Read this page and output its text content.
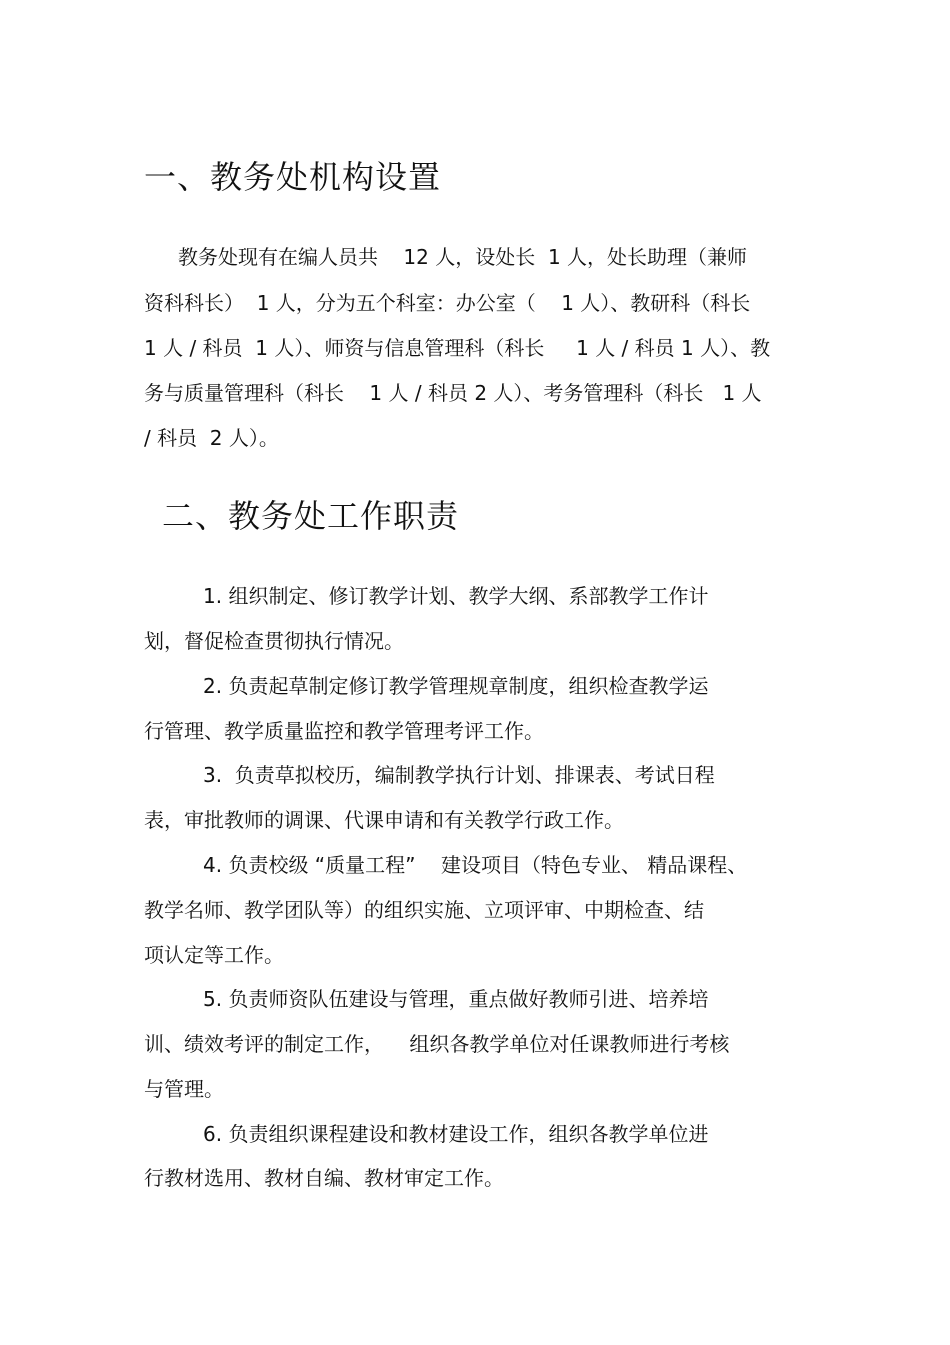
一、教务处机构设置
教务处现有在编人员共    12 人，设处长  1 人，处长助理（兼师
资科科长）  1 人，分为五个科室：办公室（    1 人）、教研科（科长
1 人 / 科员  1 人）、师资与信息管理科（科长     1 人 / 科员 1 人）、教
务与质量管理科（科长    1 人 / 科员 2 人）、考务管理科（科长   1 人
/ 科员  2 人）。
二、教务处工作职责
1. 组织制定、修订教学计划、教学大纲、系部教学工作计
划，督促检查贯彻执行情况。
2. 负责起草制定修订教学管理规章制度，组织检查教学运
行管理、教学质量监控和教学管理考评工作。
3.  负责草拟校历，编制教学执行计划、排课表、考试日程
表，审批教师的调课、代课申请和有关教学行政工作。
4. 负责校级 “质量工程”    建设项目（特色专业、 精品课程、
教学名师、教学团队等）的组织实施、立项评审、中期检查、结
项认定等工作。
5. 负责师资队伍建设与管理，重点做好教师引进、培养培
训、绩效考评的制定工作，    组织各教学单位对任课教师进行考核
与管理。
6. 负责组织课程建设和教材建设工作，组织各教学单位进
行教材选用、教材自编、教材审定工作。
